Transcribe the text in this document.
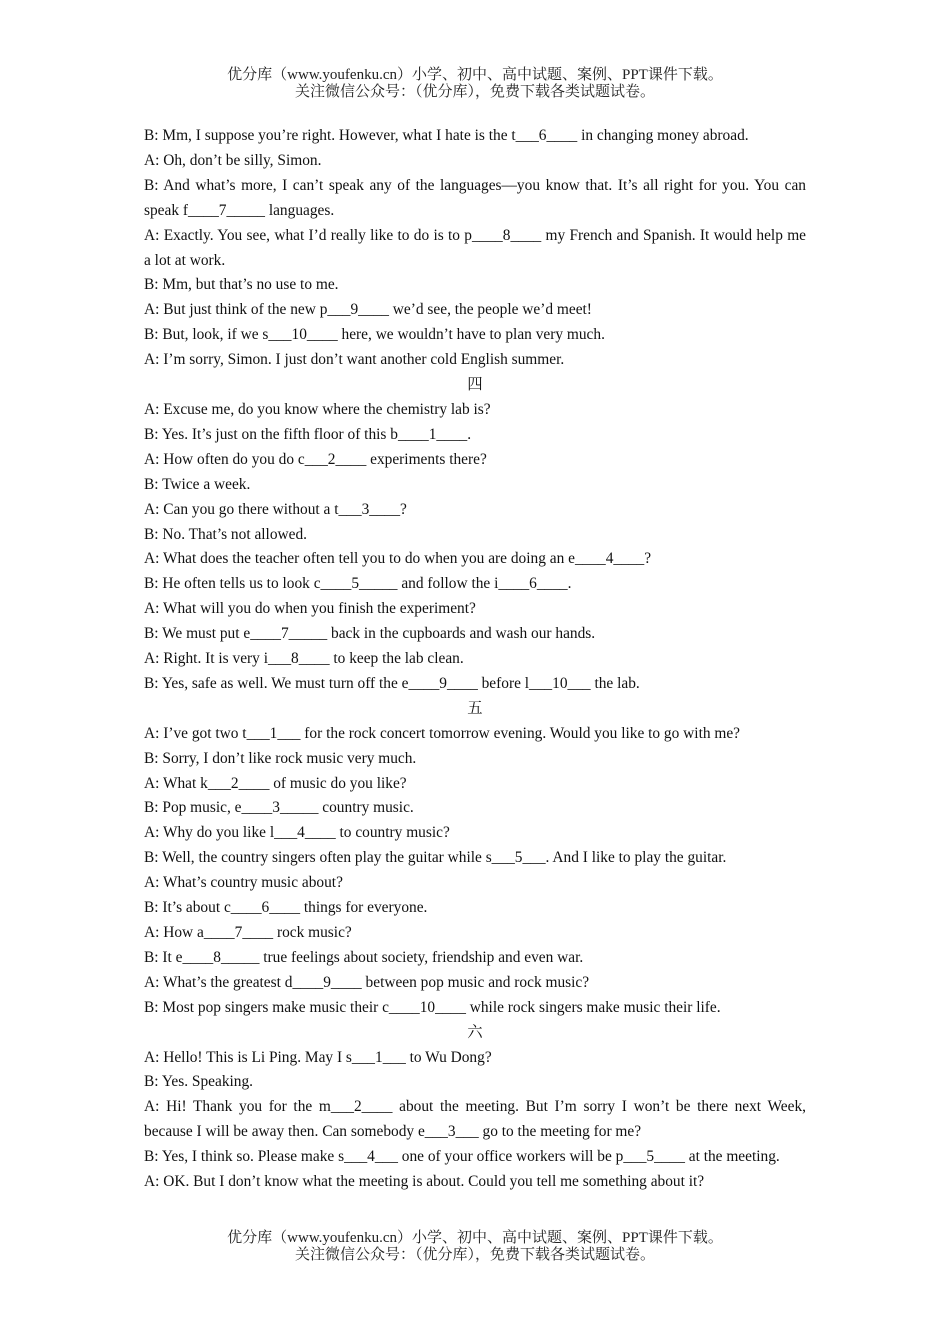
优分库（www.youfenku.cn）小学、初中、高中试题、案例、PPT课件下载。
关注微信公众号：（优分库），免费下载各类试题试卷。

B: Mm, I suppose you’re right. However, what I hate is the t___6____ in changing money abroad.

A: Oh, don’t be silly, Simon.

B: And what’s more, I can’t speak any of the languages—you know that. It’s all right for you. You can speak f____7_____ languages.

A: Exactly. You see, what I’d really like to do is to p____8____ my French and Spanish. It would help me a lot at work.

B: Mm, but that’s no use to me.

A: But just think of the new p___9____ we’d see, the people we’d meet!

B: But, look, if we s___10____ here, we wouldn’t have to plan very much.

A: I’m sorry, Simon. I just don’t want another cold English summer.

四

A: Excuse me, do you know where the chemistry lab is?

B: Yes. It’s just on the fifth floor of this b____1____.

A: How often do you do c___2____ experiments there?

B: Twice a week.

A: Can you go there without a t___3____?

B: No. That’s not allowed.

A: What does the teacher often tell you to do when you are doing an e____4____?

B: He often tells us to look c____5_____ and follow the i____6____.

A: What will you do when you finish the experiment?

B: We must put e____7_____ back in the cupboards and wash our hands.

A: Right. It is very i___8____ to keep the lab clean.

B: Yes, safe as well. We must turn off the e____9____ before l___10___ the lab.

五

A: I’ve got two t___1___ for the rock concert tomorrow evening. Would you like to go with me?

B: Sorry, I don’t like rock music very much.

A: What k___2____ of music do you like?

B: Pop music, e____3_____ country music.

A: Why do you like l___4____ to country music?

B: Well, the country singers often play the guitar while s___5___. And I like to play the guitar.

A: What’s country music about?

B: It’s about c____6____ things for everyone.

A: How a____7____ rock music?

B: It e____8_____ true feelings about society, friendship and even war.

A: What’s the greatest d____9____ between pop music and rock music?

B: Most pop singers make music their c____10____ while rock singers make music their life.

六

A: Hello! This is Li Ping. May I s___1___ to Wu Dong?

B: Yes. Speaking.

A: Hi! Thank you for the m___2____ about the meeting. But I’m sorry I won’t be there next Week, because I will be away then. Can somebody e___3___ go to the meeting for me?

B: Yes, I think so. Please make s___4___ one of your office workers will be p___5____ at the meeting.

A: OK. But I don’t know what the meeting is about. Could you tell me something about it?

优分库（www.youfenku.cn）小学、初中、高中试题、案例、PPT课件下载。
关注微信公众号：（优分库），免费下载各类试题试卷。
